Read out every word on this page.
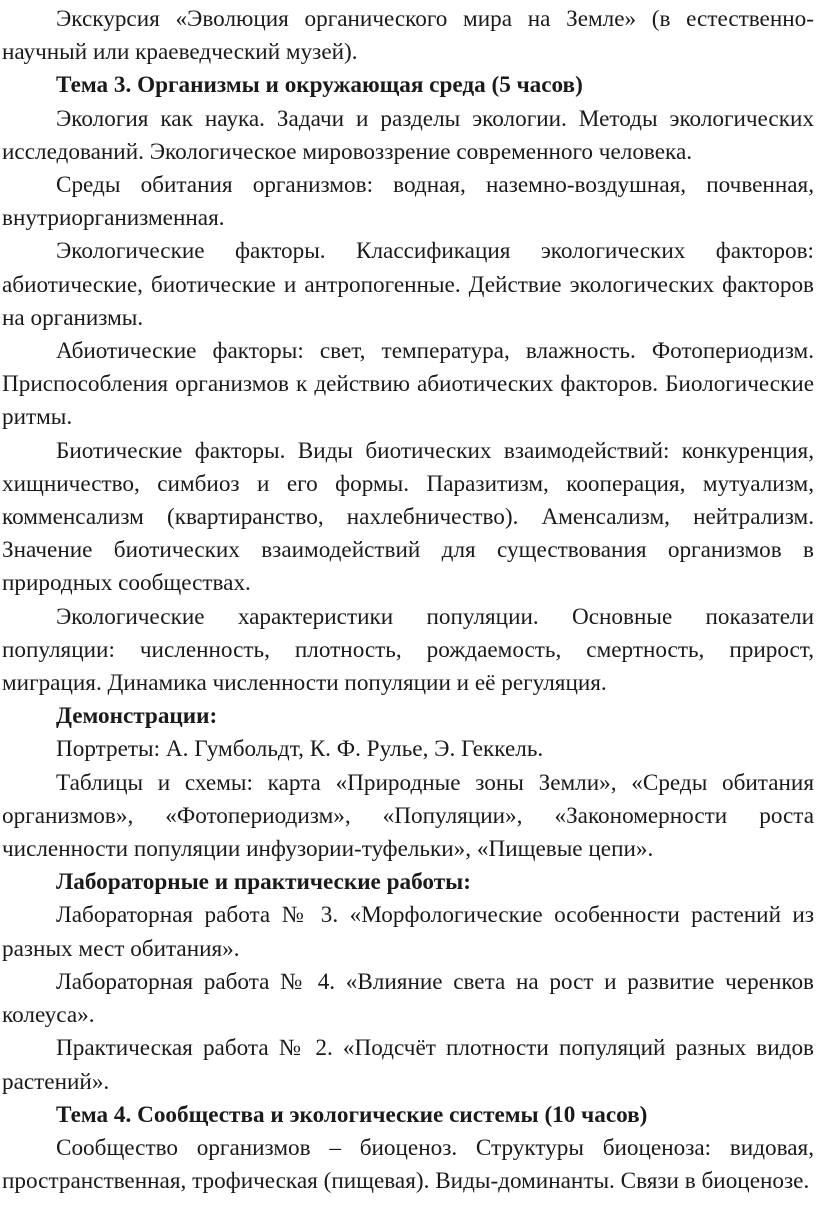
Экскурсия «Эволюция органического мира на Земле» (в естественно-научный или краеведческий музей).

Тема 3. Организмы и окружающая среда (5 часов)

Экология как наука. Задачи и разделы экологии. Методы экологических исследований. Экологическое мировоззрение современного человека.

Среды обитания организмов: водная, наземно-воздушная, почвенная, внутриорганизменная.

Экологические факторы. Классификация экологических факторов: абиотические, биотические и антропогенные. Действие экологических факторов на организмы.

Абиотические факторы: свет, температура, влажность. Фотопериодизм. Приспособления организмов к действию абиотических факторов. Биологические ритмы.

Биотические факторы. Виды биотических взаимодействий: конкуренция, хищничество, симбиоз и его формы. Паразитизм, кооперация, мутуализм, комменсализм (квартиранство, нахлебничество). Аменсализм, нейтрализм. Значение биотических взаимодействий для существования организмов в природных сообществах.

Экологические характеристики популяции. Основные показатели популяции: численность, плотность, рождаемость, смертность, прирост, миграция. Динамика численности популяции и её регуляция.

Демонстрации:

Портреты: А. Гумбольдт, К. Ф. Рулье, Э. Геккель.

Таблицы и схемы: карта «Природные зоны Земли», «Среды обитания организмов», «Фотопериодизм», «Популяции», «Закономерности роста численности популяции инфузории-туфельки», «Пищевые цепи».

Лабораторные и практические работы:

Лабораторная работа № 3. «Морфологические особенности растений из разных мест обитания».

Лабораторная работа № 4. «Влияние света на рост и развитие черенков колеуса».

Практическая работа № 2. «Подсчёт плотности популяций разных видов растений».

Тема 4. Сообщества и экологические системы (10 часов)

Сообщество организмов – биоценоз. Структуры биоценоза: видовая, пространственная, трофическая (пищевая). Виды-доминанты. Связи в биоценозе.
